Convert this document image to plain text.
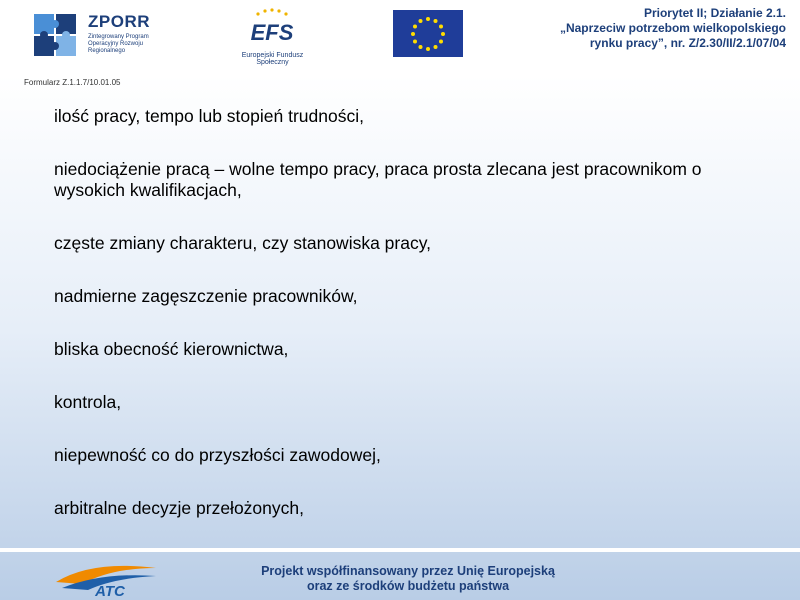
ZPORR
Zintegrowany Program Operacyjny Rozwoju Regionalnego
EFS
Europejski Fundusz Społeczny
Priorytet II; Działanie 2.1.
„Naprzeciw potrzebom wielkopolskiego
rynku pracy”, nr. Z/2.30/II/2.1/07/04
Formularz Z.1.1.7/10.01.05
ilość pracy, tempo lub stopień trudności,
niedociążenie pracą – wolne tempo pracy, praca prosta zlecana jest pracownikom o wysokich kwalifikacjach,
częste zmiany charakteru, czy stanowiska pracy,
nadmierne zagęszczenie pracowników,
bliska obecność kierownictwa,
kontrola,
niepewność co do przyszłości zawodowej,
arbitralne decyzje przełożonych,
ATC
Projekt współfinansowany przez Unię Europejską
oraz ze środków budżetu państwa
